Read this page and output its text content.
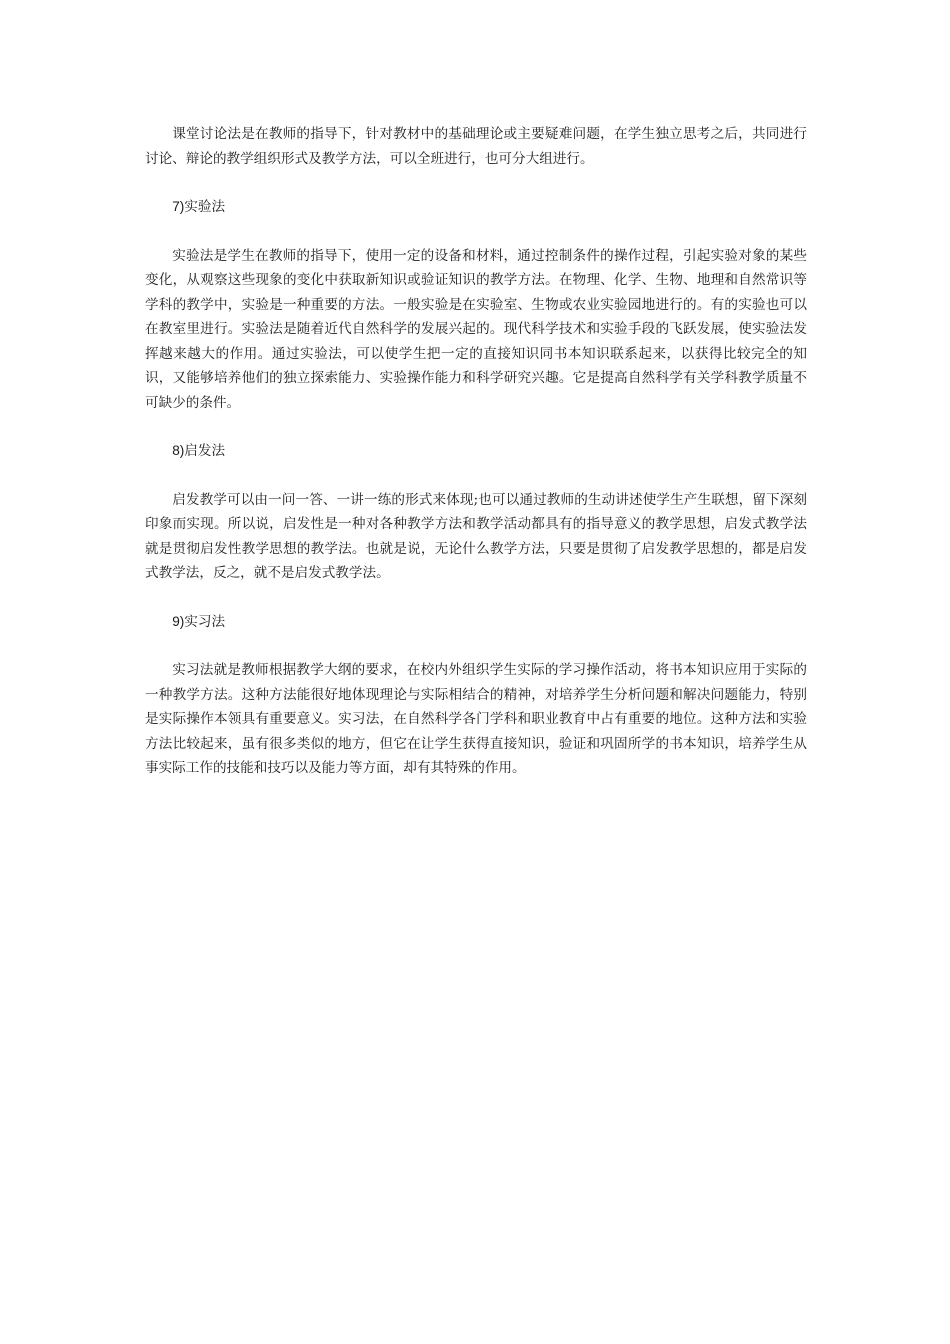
课堂讨论法是在教师的指导下，针对教材中的基础理论或主要疑难问题，在学生独立思考之后，共同进行讨论、辩论的教学组织形式及教学方法，可以全班进行，也可分大组进行。

7)实验法

实验法是学生在教师的指导下，使用一定的设备和材料，通过控制条件的操作过程，引起实验对象的某些变化，从观察这些现象的变化中获取新知识或验证知识的教学方法。在物理、化学、生物、地理和自然常识等学科的教学中，实验是一种重要的方法。一般实验是在实验室、生物或农业实验园地进行的。有的实验也可以在教室里进行。实验法是随着近代自然科学的发展兴起的。现代科学技术和实验手段的飞跃发展，使实验法发挥越来越大的作用。通过实验法，可以使学生把一定的直接知识同书本知识联系起来，以获得比较完全的知识，又能够培养他们的独立探索能力、实验操作能力和科学研究兴趣。它是提高自然科学有关学科教学质量不可缺少的条件。

8)启发法

启发教学可以由一问一答、一讲一练的形式来体现;也可以通过教师的生动讲述使学生产生联想，留下深刻印象而实现。所以说，启发性是一种对各种教学方法和教学活动都具有的指导意义的教学思想，启发式教学法就是贯彻启发性教学思想的教学法。也就是说，无论什么教学方法，只要是贯彻了启发教学思想的，都是启发式教学法，反之，就不是启发式教学法。

9)实习法

实习法就是教师根据教学大纲的要求，在校内外组织学生实际的学习操作活动，将书本知识应用于实际的一种教学方法。这种方法能很好地体现理论与实际相结合的精神，对培养学生分析问题和解决问题能力，特别是实际操作本领具有重要意义。实习法，在自然科学各门学科和职业教育中占有重要的地位。这种方法和实验方法比较起来，虽有很多类似的地方，但它在让学生获得直接知识，验证和巩固所学的书本知识，培养学生从事实际工作的技能和技巧以及能力等方面，却有其特殊的作用。
